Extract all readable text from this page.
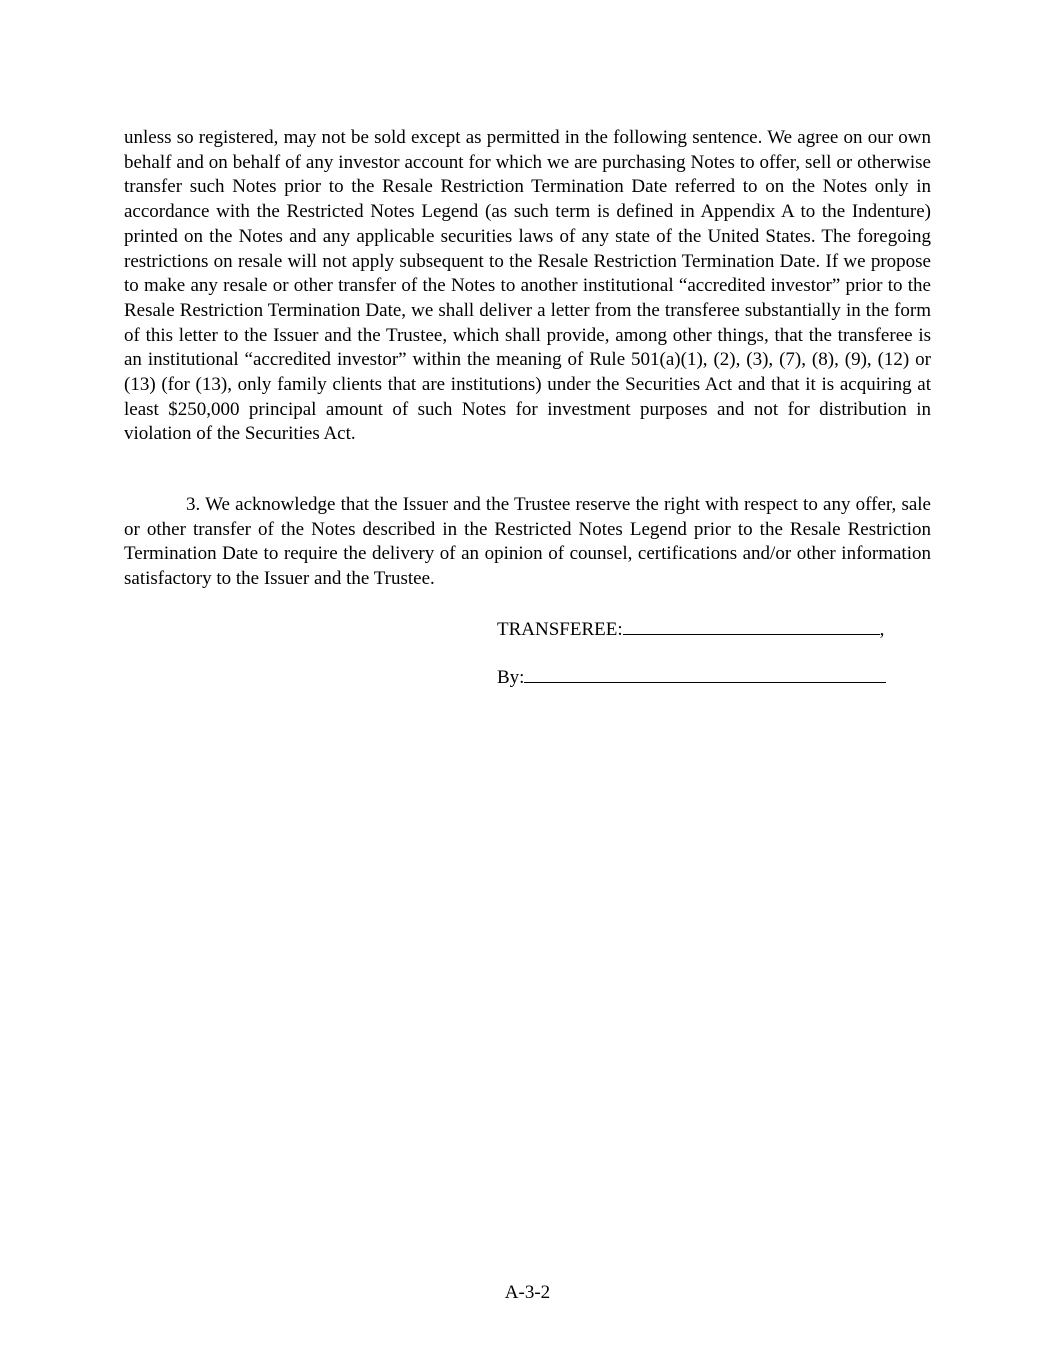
unless so registered, may not be sold except as permitted in the following sentence. We agree on our own behalf and on behalf of any investor account for which we are purchasing Notes to offer, sell or otherwise transfer such Notes prior to the Resale Restriction Termination Date referred to on the Notes only in accordance with the Restricted Notes Legend (as such term is defined in Appendix A to the Indenture) printed on the Notes and any applicable securities laws of any state of the United States. The foregoing restrictions on resale will not apply subsequent to the Resale Restriction Termination Date. If we propose to make any resale or other transfer of the Notes to another institutional “accredited investor” prior to the Resale Restriction Termination Date, we shall deliver a letter from the transferee substantially in the form of this letter to the Issuer and the Trustee, which shall provide, among other things, that the transferee is an institutional “accredited investor” within the meaning of Rule 501(a)(1), (2), (3), (7), (8), (9), (12) or (13) (for (13), only family clients that are institutions) under the Securities Act and that it is acquiring at least $250,000 principal amount of such Notes for investment purposes and not for distribution in violation of the Securities Act.

3. We acknowledge that the Issuer and the Trustee reserve the right with respect to any offer, sale or other transfer of the Notes described in the Restricted Notes Legend prior to the Resale Restriction Termination Date to require the delivery of an opinion of counsel, certifications and/or other information satisfactory to the Issuer and the Trustee.

TRANSFEREE:	,
By:
A-3-2
